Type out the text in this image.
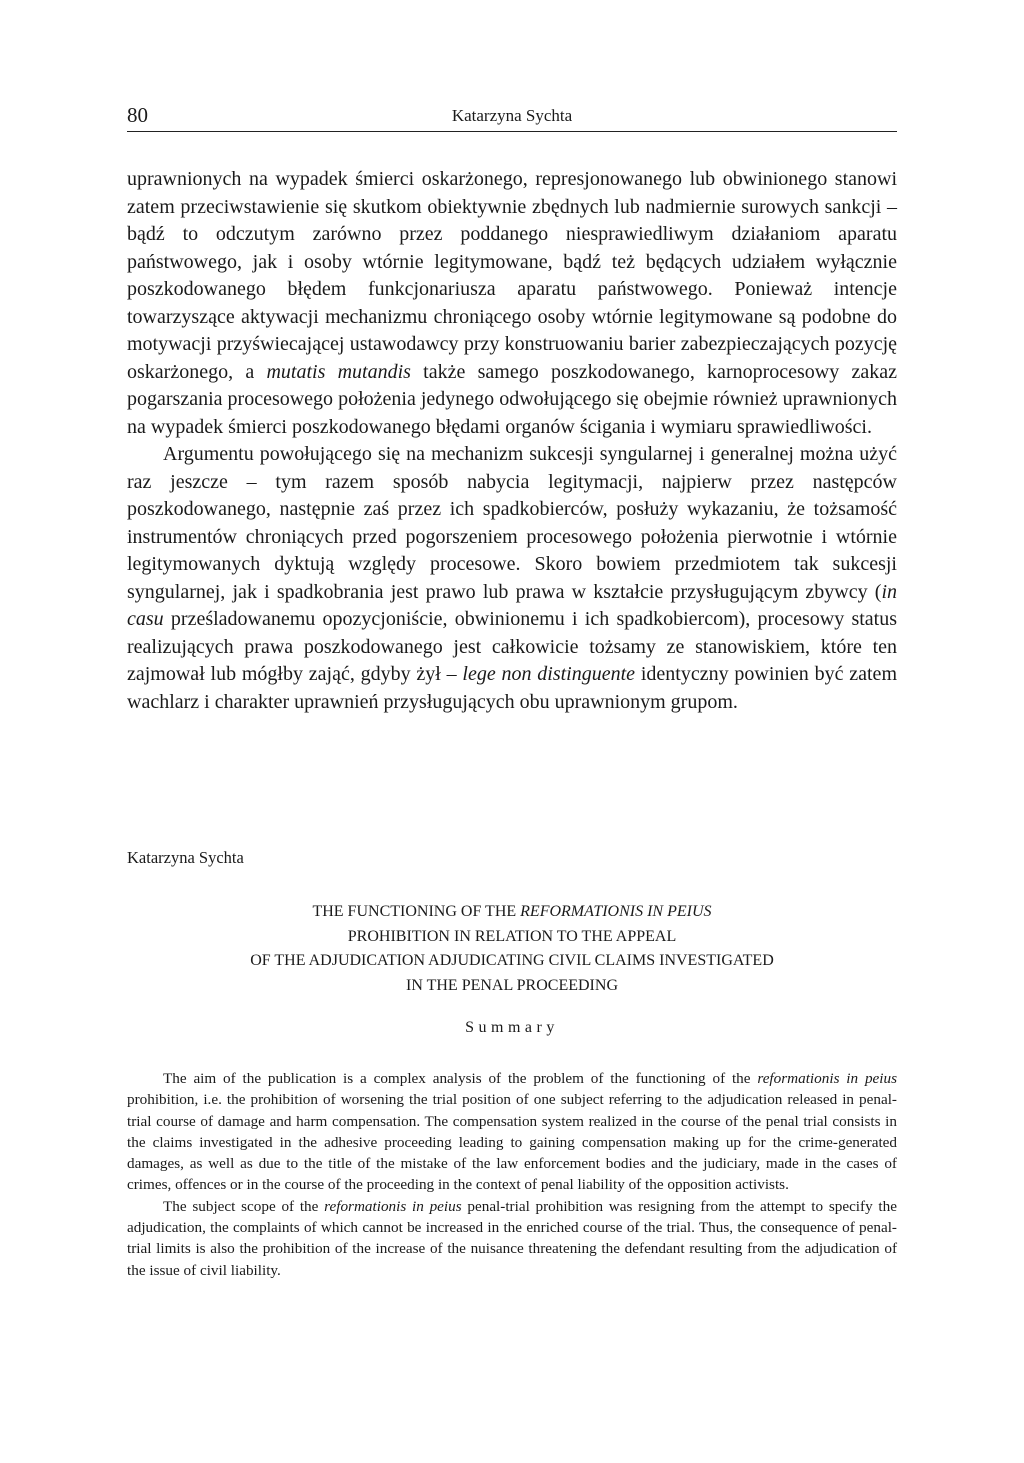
80	Katarzyna Sychta

uprawnionych na wypadek śmierci oskarżonego, represjonowanego lub obwinionego stanowi zatem przeciwstawienie się skutkom obiektywnie zbędnych lub nadmiernie surowych sankcji – bądź to odczutym zarówno przez poddanego niesprawiedliwym działaniom aparatu państwowego, jak i osoby wtórnie legitymowane, bądź też będących udziałem wyłącznie poszkodowanego błędem funkcjonariusza aparatu państwowego. Ponieważ intencje towarzyszące aktywacji mechanizmu chroniącego osoby wtórnie legitymowane są podobne do motywacji przyświecającej ustawodawcy przy konstruowaniu barier zabezpieczających pozycję oskarżonego, a mutatis mutandis także samego poszkodowanego, karnoprocesowy zakaz pogarszania procesowego położenia jedynego odwołującego się obejmie również uprawnionych na wypadek śmierci poszkodowanego błędami organów ścigania i wymiaru sprawiedliwości.

Argumentu powołującego się na mechanizm sukcesji syngularnej i generalnej można użyć raz jeszcze – tym razem sposób nabycia legitymacji, najpierw przez następców poszkodowanego, następnie zaś przez ich spadkobierców, posłuży wykazaniu, że tożsamość instrumentów chroniących przed pogorszeniem procesowego położenia pierwotnie i wtórnie legitymowanych dyktują względy procesowe. Skoro bowiem przedmiotem tak sukcesji syngularnej, jak i spadkobrania jest prawo lub prawa w kształcie przysługującym zbywcy (in casu prześladowanemu opozycjoniście, obwinionemu i ich spadkobiercom), procesowy status realizujących prawa poszkodowanego jest całkowicie tożsamy ze stanowiskiem, które ten zajmował lub mógłby zająć, gdyby żył – lege non distinguente identyczny powinien być zatem wachlarz i charakter uprawnień przysługujących obu uprawnionym grupom.

Katarzyna Sychta
THE FUNCTIONING OF THE REFORMATIONIS IN PEIUS
PROHIBITION IN RELATION TO THE APPEAL
OF THE ADJUDICATION ADJUDICATING CIVIL CLAIMS INVESTIGATED
IN THE PENAL PROCEEDING
Summary

The aim of the publication is a complex analysis of the problem of the functioning of the reformationis in peius prohibition, i.e. the prohibition of worsening the trial position of one subject referring to the adjudication released in penal-trial course of damage and harm compensation. The compensation system realized in the course of the penal trial consists in the claims investigated in the adhesive proceeding leading to gaining compensation making up for the crime-generated damages, as well as due to the title of the mistake of the law enforcement bodies and the judiciary, made in the cases of crimes, offences or in the course of the proceeding in the context of penal liability of the opposition activists.

The subject scope of the reformationis in peius penal-trial prohibition was resigning from the attempt to specify the adjudication, the complaints of which cannot be increased in the enriched course of the trial. Thus, the consequence of penal-trial limits is also the prohibition of the increase of the nuisance threatening the defendant resulting from the adjudication of the issue of civil liability.
